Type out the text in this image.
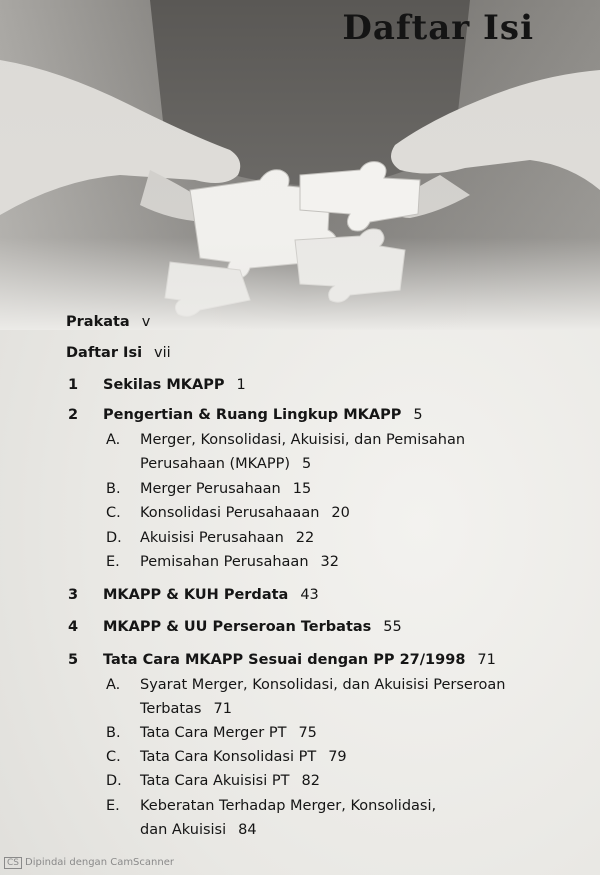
Daftar Isi
Prakata v
Daftar Isi vii
1 Sekilas MKAPP 1
2 Pengertian & Ruang Lingkup MKAPP 5
A. Merger, Konsolidasi, Akuisisi, dan Pemisahan
Perusahaan (MKAPP) 5
B. Merger Perusahaan 15
C. Konsolidasi Perusahaaan 20
D. Akuisisi Perusahaan 22
E. Pemisahan Perusahaan 32
3 MKAPP & KUH Perdata 43
4 MKAPP & UU Perseroan Terbatas 55
5 Tata Cara MKAPP Sesuai dengan PP 27/1998 71
A. Syarat Merger, Konsolidasi, dan Akuisisi Perseroan
Terbatas 71
B. Tata Cara Merger PT 75
C. Tata Cara Konsolidasi PT 79
D. Tata Cara Akuisisi PT 82
E. Keberatan Terhadap Merger, Konsolidasi,
dan Akuisisi 84
CS Dipindai dengan CamScanner
